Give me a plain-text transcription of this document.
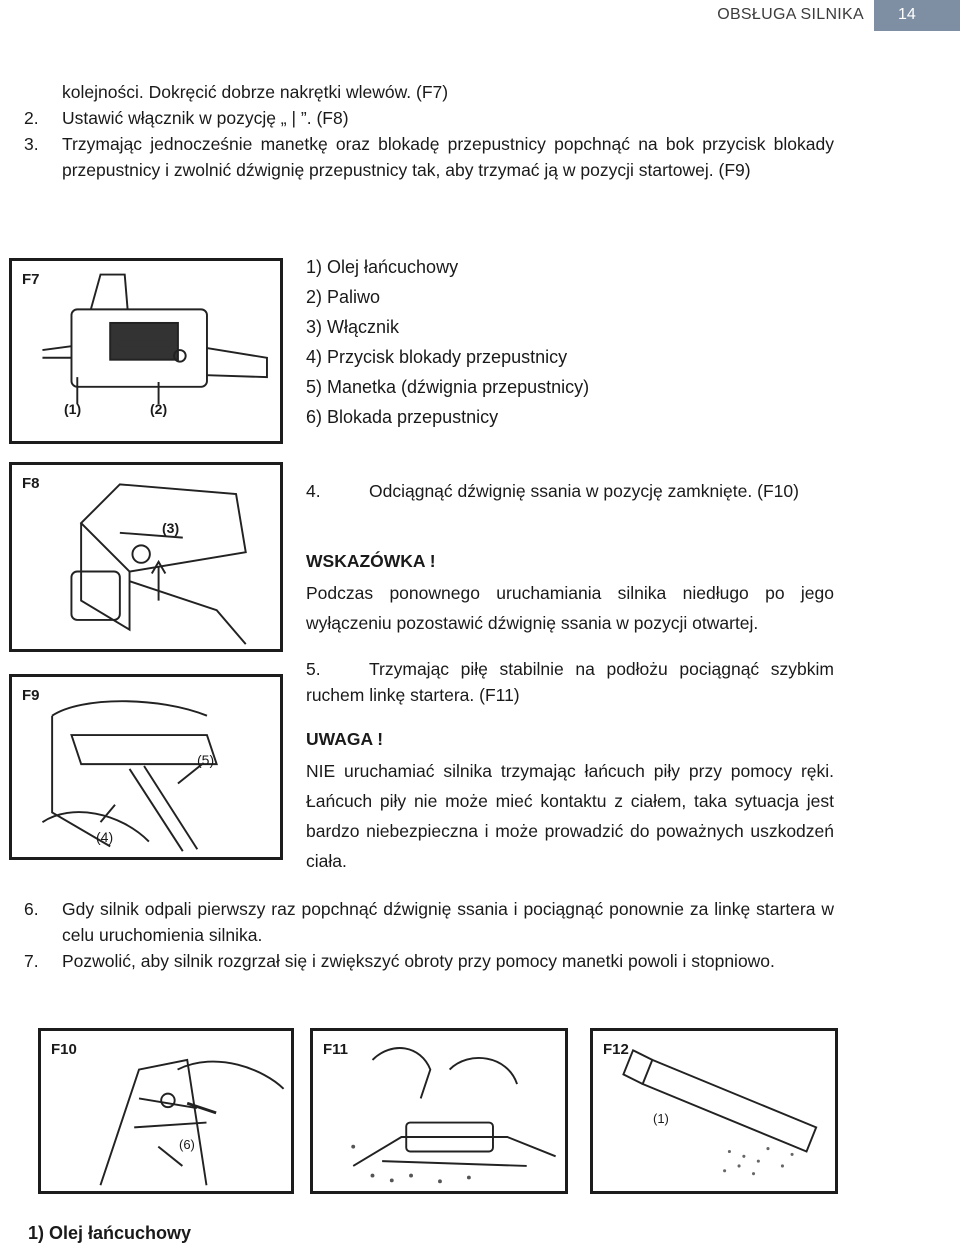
OBSŁUGA SILNIKA	14
kolejności. Dokręcić dobrze nakrętki wlewów. (F7)
2. Ustawić włącznik w pozycję „ | ”. (F8)
3. Trzymając jednocześnie manetkę oraz blokadę przepustnicy popchnąć na bok przycisk blokady przepustnicy i zwolnić dźwignię przepustnicy tak, aby trzymać ją w pozycji startowej. (F9)
F7
(1)	(2)
1) Olej łańcuchowy
2) Paliwo
3) Włącznik
4) Przycisk blokady przepustnicy
5) Manetka (dźwignia przepustnicy)
6) Blokada przepustnicy
F8
(3)
4.	Odciągnąć dźwignię ssania w pozycję zamknięte. (F10)
WSKAZÓWKA !
Podczas ponownego uruchamiania silnika niedługo po jego wyłączeniu pozostawić dźwignię ssania w pozycji otwartej.
F9
(5)
(4)
5.	Trzymając piłę stabilnie na podłożu pociągnąć szybkim ruchem linkę startera. (F11)
UWAGA !
NIE uruchamiać silnika trzymając łańcuch piły przy pomocy ręki. Łańcuch piły nie może mieć kontaktu z ciałem, taka sytuacja jest bardzo niebezpieczna i może prowadzić do poważnych uszkodzeń ciała.
6. Gdy silnik odpali pierwszy raz popchnąć dźwignię ssania i pociągnąć ponownie za linkę startera w celu uruchomienia silnika.
7. Pozwolić, aby silnik rozgrzał się i zwiększyć obroty przy pomocy manetki powoli i stopniowo.
F10
(6)
F11	F12
(1)
1) Olej łańcuchowy
